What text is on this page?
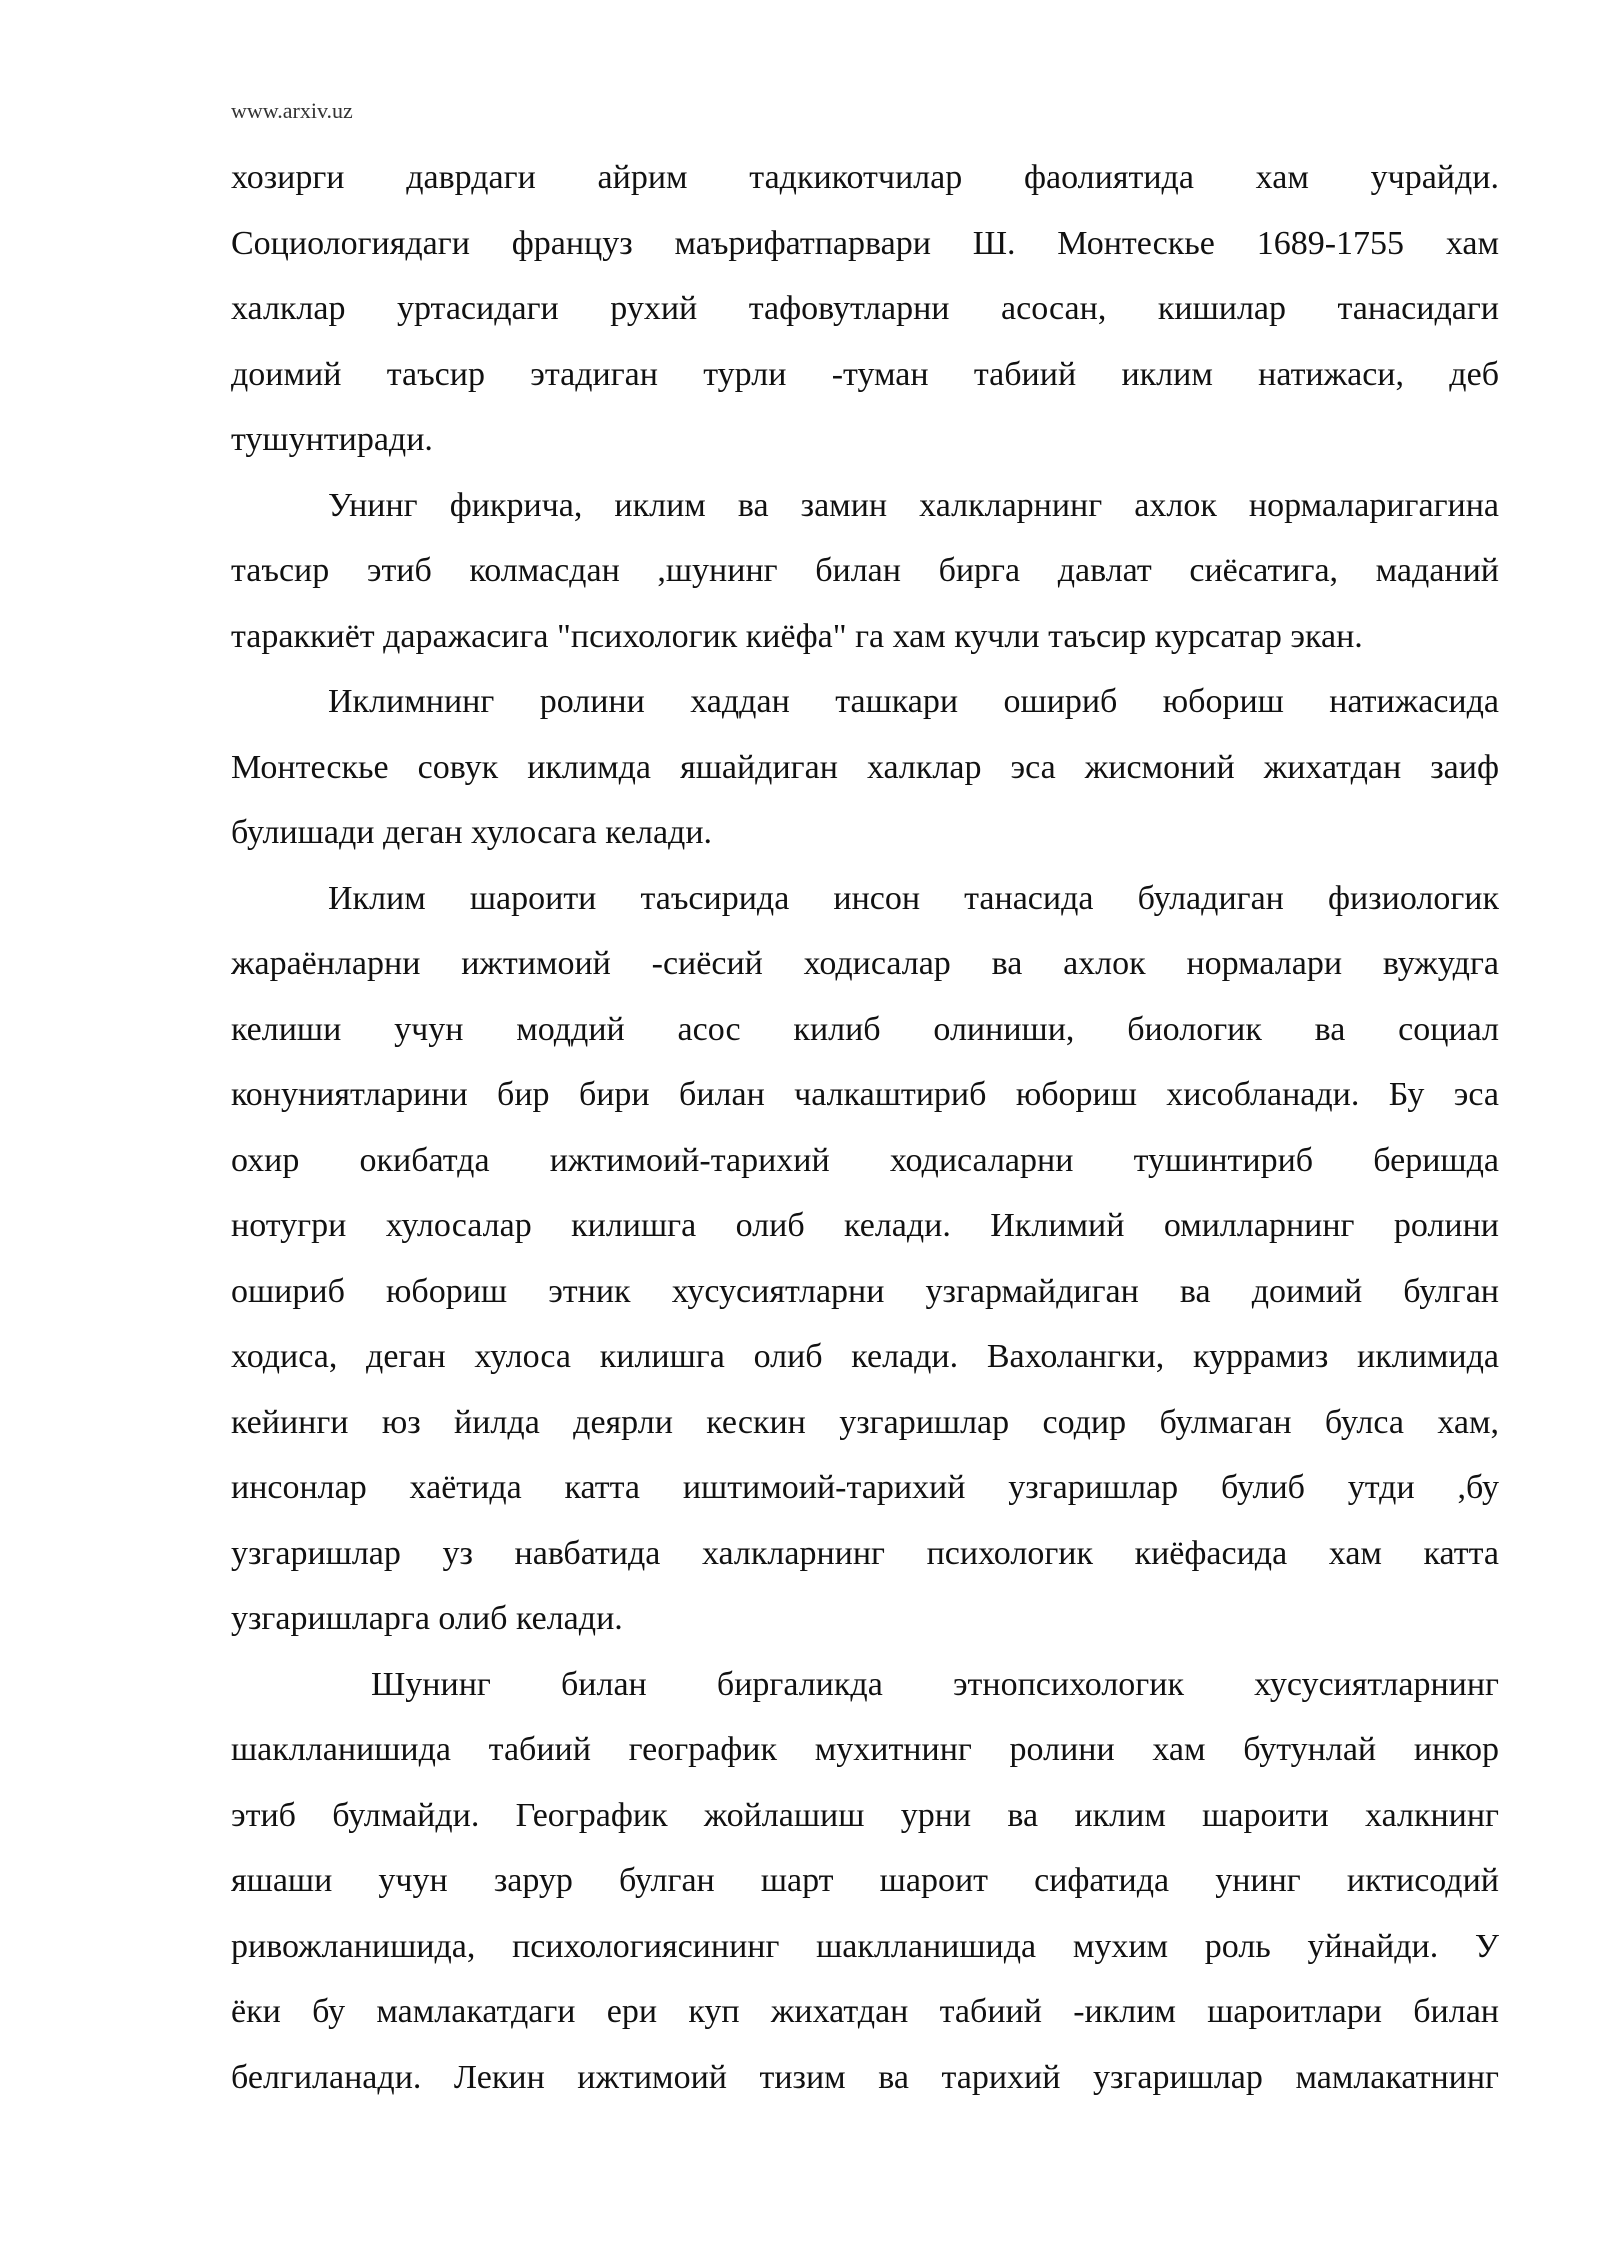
www.arxiv.uz
хозирги даврдаги айрим тадкикотчилар фаолиятида хам учрайди.
Социологиядаги француз маърифатпарвари Ш. Монтескье 1689-1755 хам
халклар уртасидаги рухий тафовутларни асосан, кишилар танасидаги
доимий таъсир этадиган турли -туман табиий иклим натижаси, деб
тушунтиради.
Унинг фикрича, иклим ва замин халкларнинг ахлок нормаларигагина
таъсир этиб колмасдан ,шунинг билан бирга давлат сиёсатига, маданий
тараккиёт даражасига "психологик киёфа" га хам кучли таъсир курсатар экан.
Иклимнинг ролини хаддан ташкари ошириб юбориш натижасида
Монтескье совук иклимда яшайдиган халклар эса жисмоний жихатдан заиф
булишади деган хулосага келади.
Иклим шароити таъсирида инсон танасида буладиган физиологик
жараёнларни ижтимоий -сиёсий ходисалар ва ахлок нормалари вужудга
келиши учун моддий асос килиб олиниши, биологик ва социал
конуниятларини бир бири билан чалкаштириб юбориш хисобланади. Бу эса
охир окибатда ижтимоий-тарихий ходисаларни тушинтириб беришда
нотугри хулосалар килишга олиб келади. Иклимий омилларнинг ролини
ошириб юбориш этник хусусиятларни узгармайдиган ва доимий булган
ходиса, деган хулоса килишга олиб келади. Вахолангки, куррамиз иклимида
кейинги юз йилда деярли кескин узгаришлар содир булмаган булса хам,
инсонлар хаётида катта иштимоий-тарихий узгаришлар булиб утди ,бу
узгаришлар уз навбатида халкларнинг психологик киёфасида хам катта
узгаришларга олиб келади.
Шунинг билан биргаликда этнопсихологик хусусиятларнинг
шаклланишида табиий географик мухитнинг ролини хам бутунлай инкор
этиб булмайди. Географик жойлашиш урни ва иклим шароити халкнинг
яшаши учун зарур булган шарт шароит сифатида унинг иктисодий
ривожланишида, психологиясининг шаклланишида мухим роль уйнайди. У
ёки бу мамлакатдаги ери куп жихатдан табиий -иклим шароитлари билан
белгиланади. Лекин ижтимоий тизим ва тарихий узгаришлар мамлакатнинг
